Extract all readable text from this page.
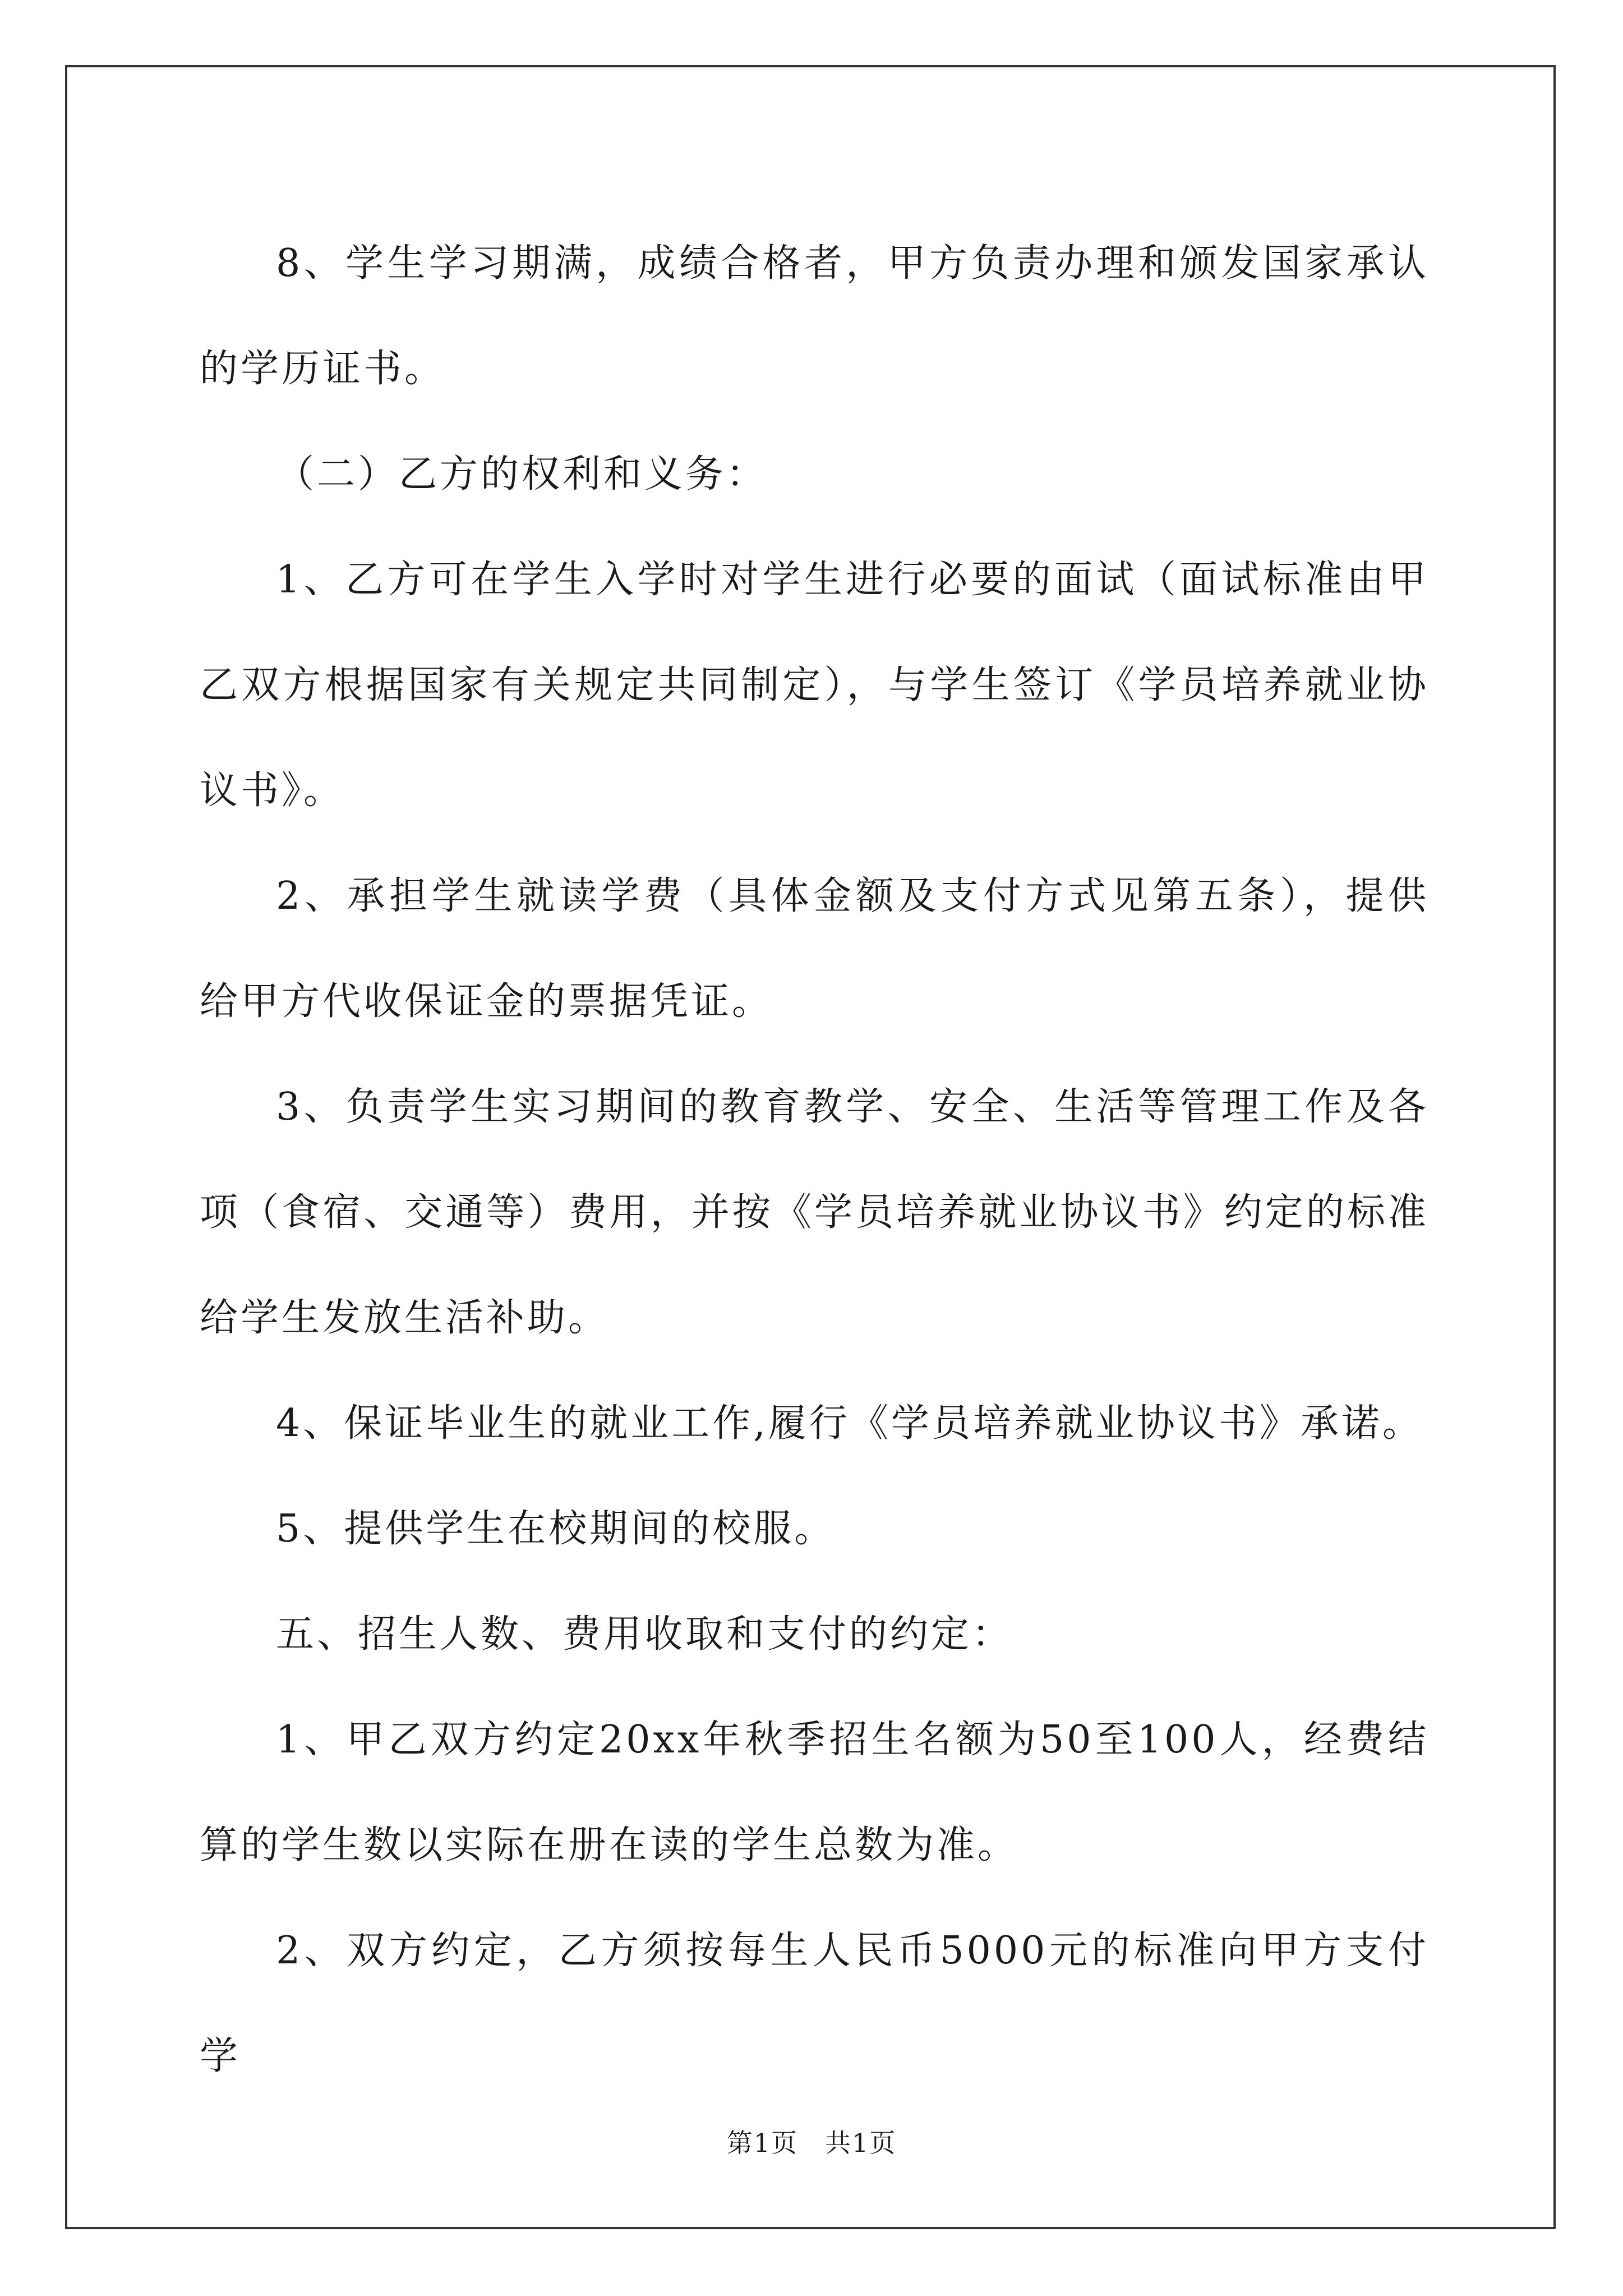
8、学生学习期满，成绩合格者，甲方负责办理和颁发国家承认的学历证书。

（二）乙方的权利和义务：

1、乙方可在学生入学时对学生进行必要的面试（面试标准由甲乙双方根据国家有关规定共同制定），与学生签订《学员培养就业协议书》。

2、承担学生就读学费（具体金额及支付方式见第五条），提供给甲方代收保证金的票据凭证。

3、负责学生实习期间的教育教学、安全、生活等管理工作及各项（食宿、交通等）费用，并按《学员培养就业协议书》约定的标准给学生发放生活补助。

4、保证毕业生的就业工作,履行《学员培养就业协议书》承诺。

5、提供学生在校期间的校服。

五、招生人数、费用收取和支付的约定：

1、甲乙双方约定20xx年秋季招生名额为50至100人，经费结算的学生数以实际在册在读的学生总数为准。

2、双方约定，乙方须按每生人民币5000元的标准向甲方支付学

第1页　共1页
